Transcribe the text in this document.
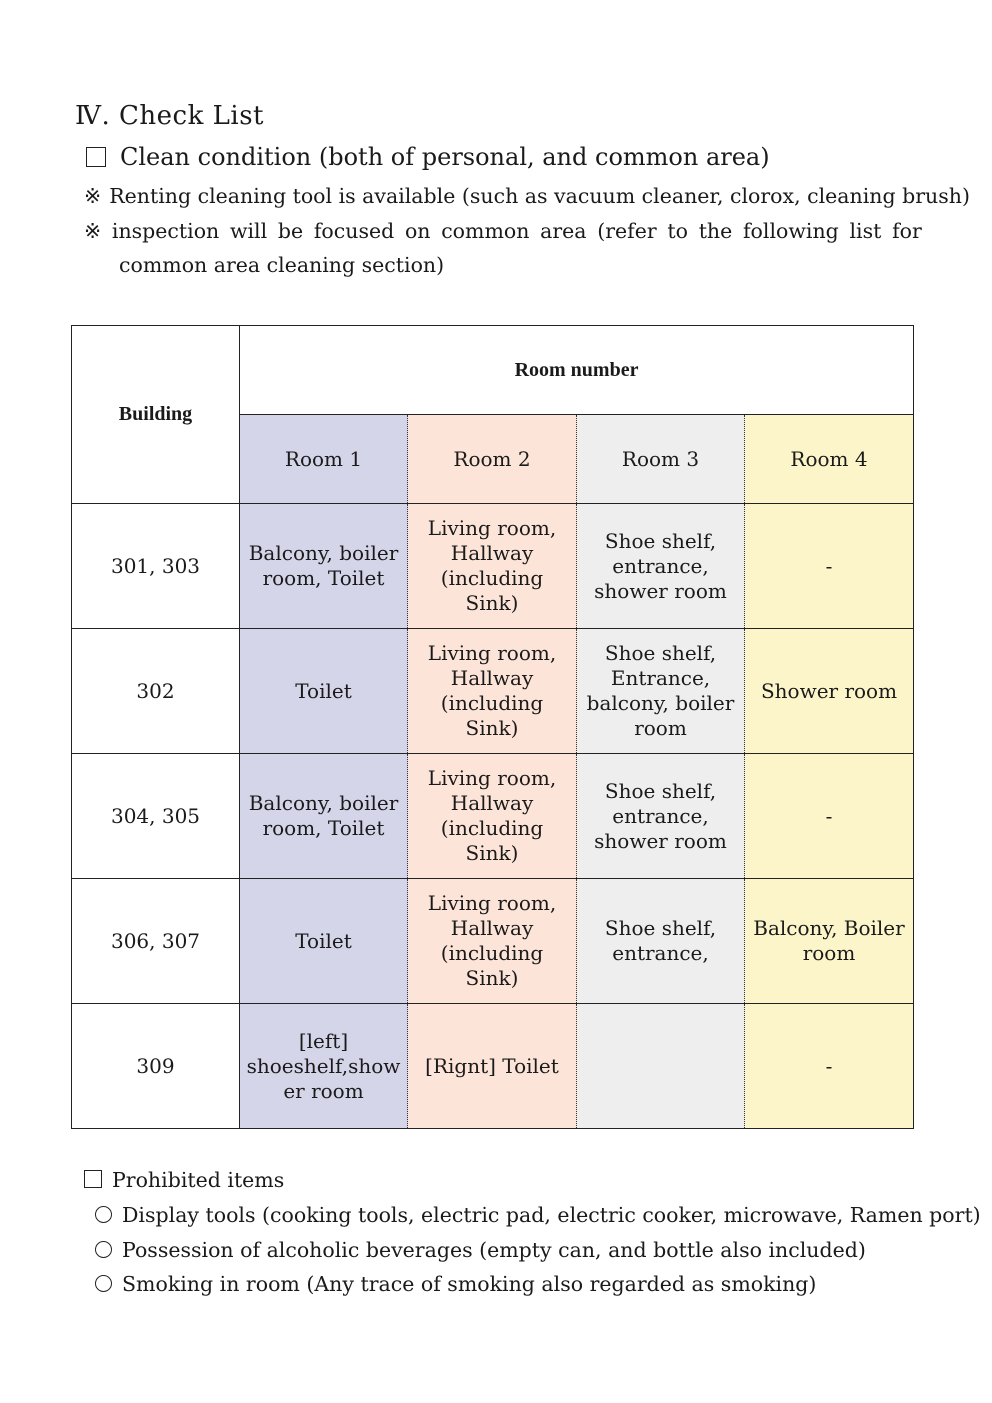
Ⅳ. Check List
Clean condition (both of personal, and common area)
※ Renting cleaning tool is available (such as vacuum cleaner, clorox, cleaning brush)
※ inspection will be focused on common area (refer to the following list for
common area cleaning section)
Building	Room number			
	Room 1	Room 2	Room 3	Room 4
301, 303	Balcony, boiler room, Toilet	Living room, Hallway (including Sink)	Shoe shelf, entrance, shower room	-
302	Toilet	Living room, Hallway (including Sink)	Shoe shelf, Entrance, balcony, boiler room	Shower room
304, 305	Balcony, boiler room, Toilet	Living room, Hallway (including Sink)	Shoe shelf, entrance, shower room	-
306, 307	Toilet	Living room, Hallway (including Sink)	Shoe shelf, entrance,	Balcony, Boiler room
309	[left] shoeshelf,show er room	[Rignt] Toilet		-
Prohibited items
Display tools (cooking tools, electric pad, electric cooker, microwave, Ramen port)
Possession of alcoholic beverages (empty can, and bottle also included)
Smoking in room (Any trace of smoking also regarded as smoking)
